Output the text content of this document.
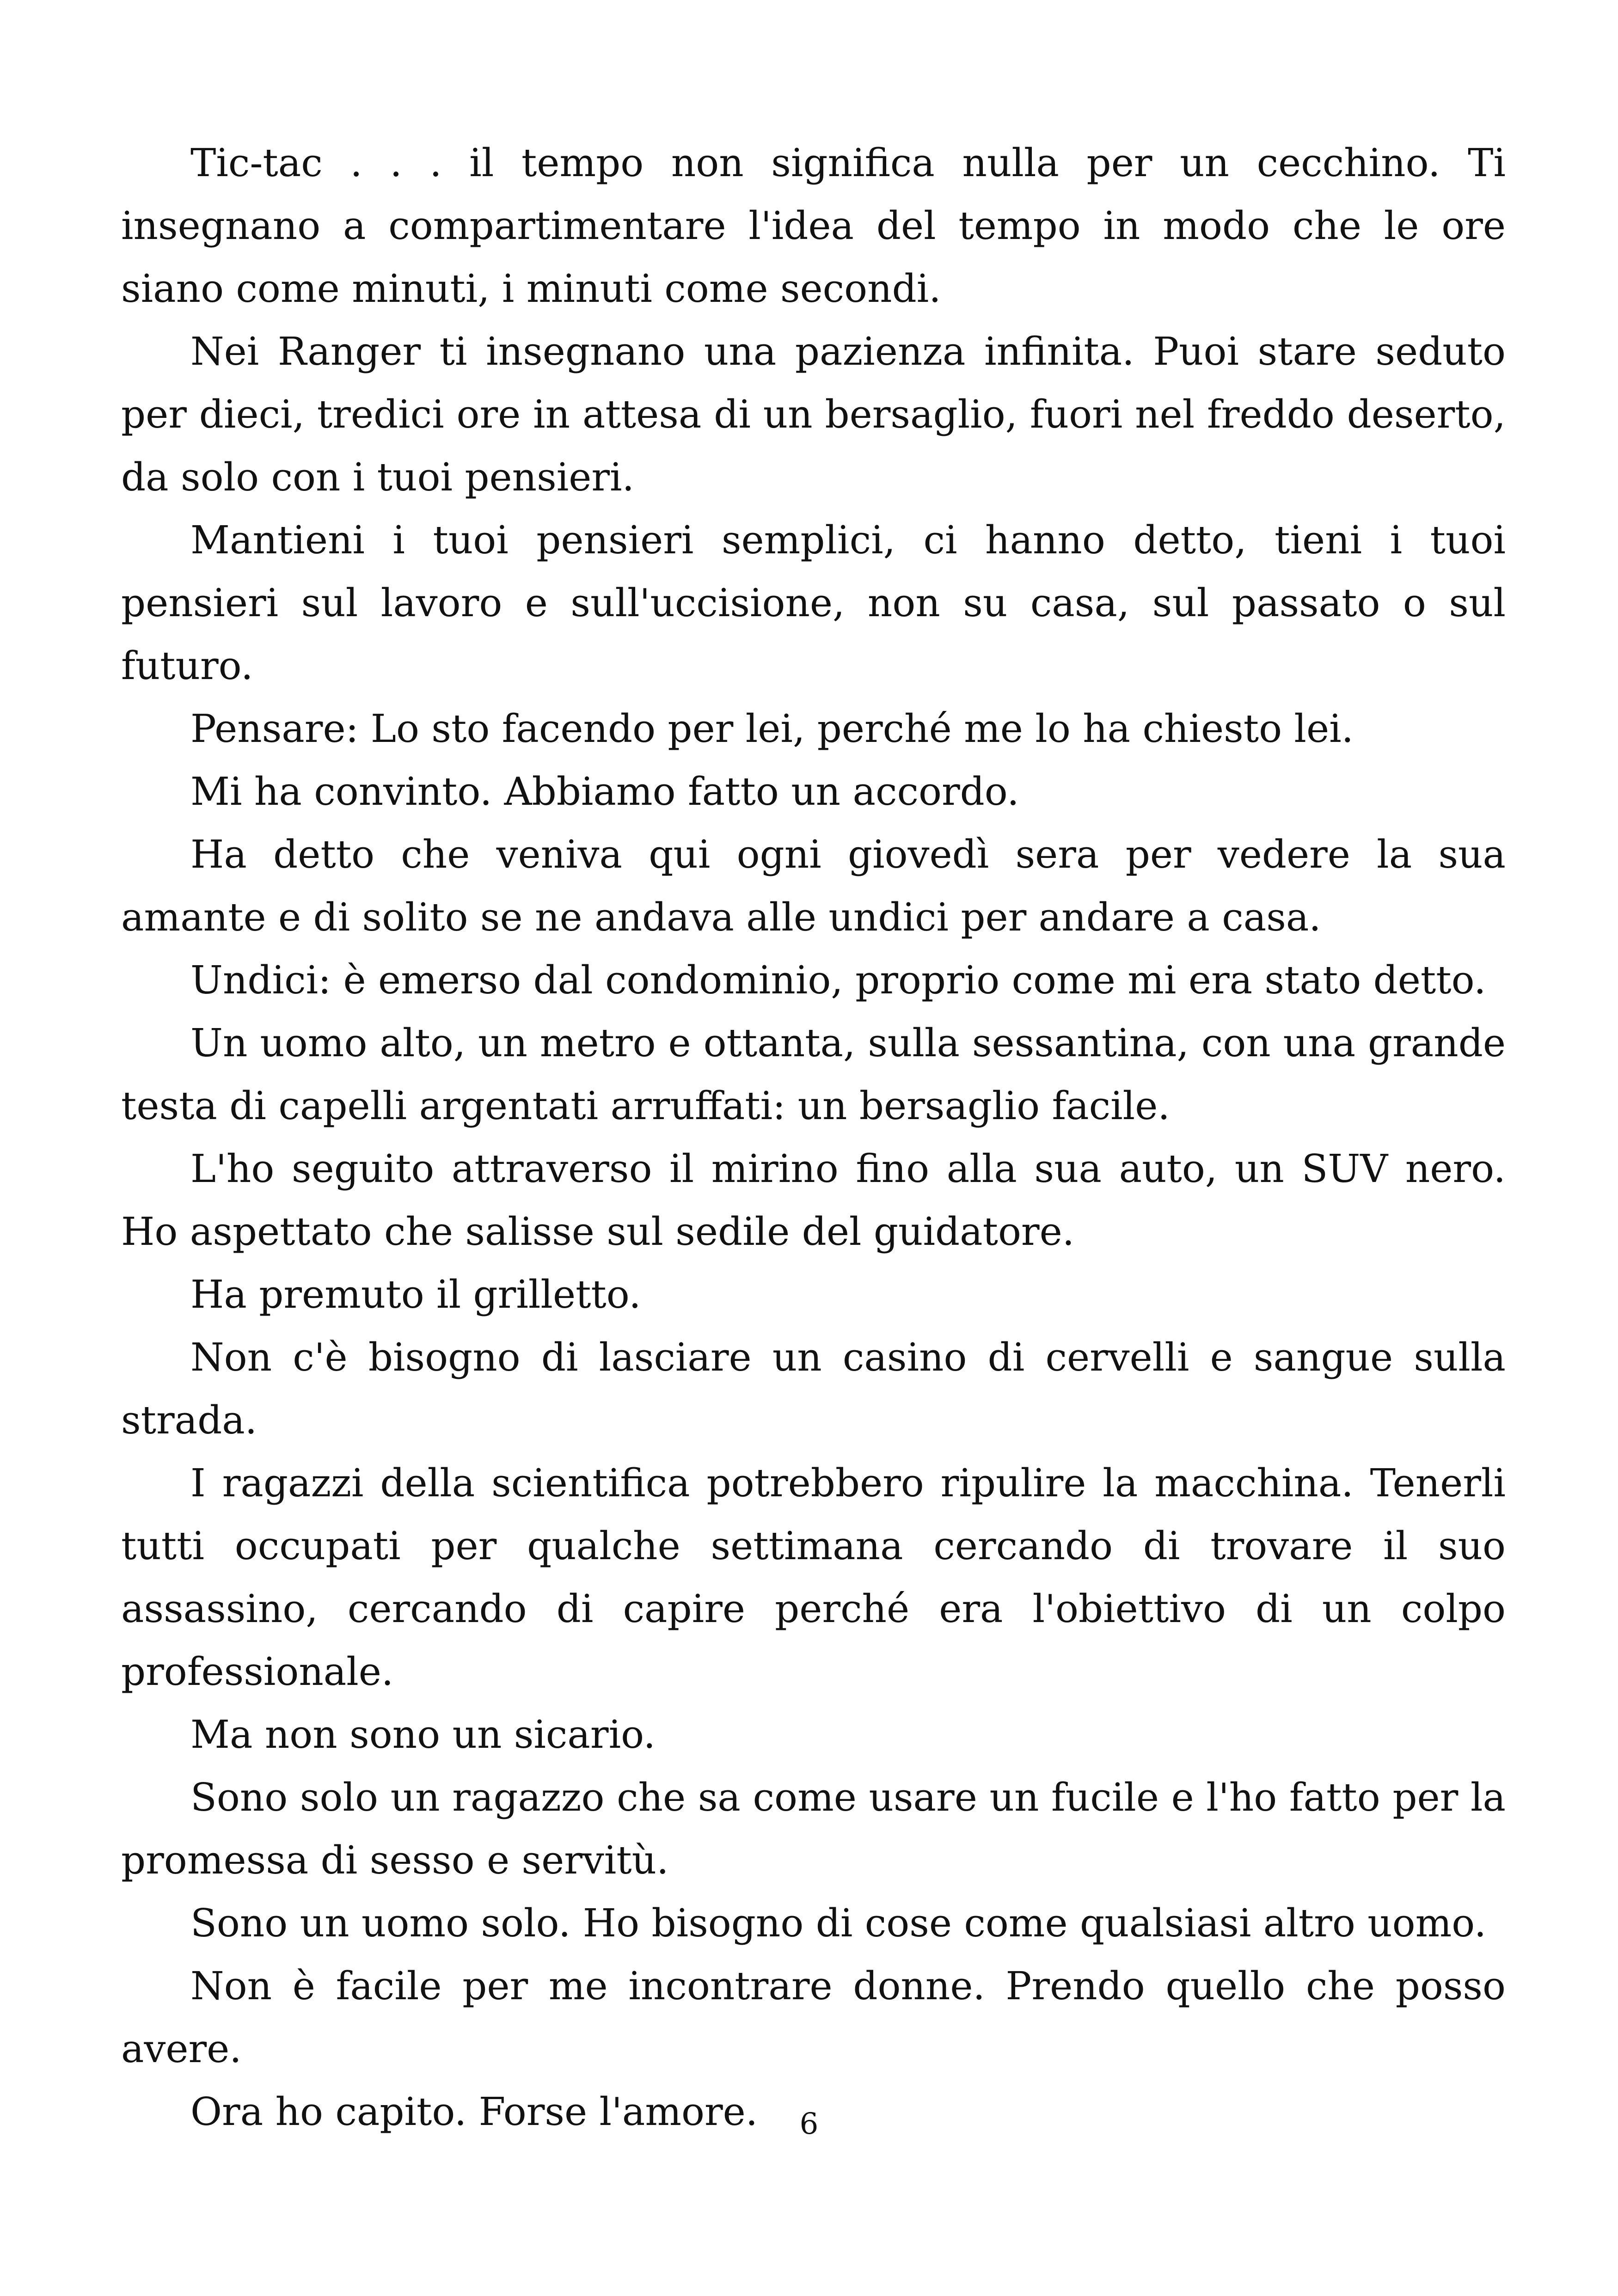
Tic-tac . . . il tempo non significa nulla per un cecchino. Ti insegnano a compartimentare l'idea del tempo in modo che le ore siano come minuti, i minuti come secondi.

Nei Ranger ti insegnano una pazienza infinita. Puoi stare seduto per dieci, tredici ore in attesa di un bersaglio, fuori nel freddo deserto, da solo con i tuoi pensieri.

Mantieni i tuoi pensieri semplici, ci hanno detto, tieni i tuoi pensieri sul lavoro e sull'uccisione, non su casa, sul passato o sul futuro.

Pensare: Lo sto facendo per lei, perché me lo ha chiesto lei.

Mi ha convinto. Abbiamo fatto un accordo.

Ha detto che veniva qui ogni giovedì sera per vedere la sua amante e di solito se ne andava alle undici per andare a casa.

Undici: è emerso dal condominio, proprio come mi era stato detto.

Un uomo alto, un metro e ottanta, sulla sessantina, con una grande testa di capelli argentati arruffati: un bersaglio facile.

L'ho seguito attraverso il mirino fino alla sua auto, un SUV nero. Ho aspettato che salisse sul sedile del guidatore.

Ha premuto il grilletto.

Non c'è bisogno di lasciare un casino di cervelli e sangue sulla strada.

I ragazzi della scientifica potrebbero ripulire la macchina. Tenerli tutti occupati per qualche settimana cercando di trovare il suo assassino, cercando di capire perché era l'obiettivo di un colpo professionale.

Ma non sono un sicario.

Sono solo un ragazzo che sa come usare un fucile e l'ho fatto per la promessa di sesso e servitù.

Sono un uomo solo. Ho bisogno di cose come qualsiasi altro uomo.

Non è facile per me incontrare donne. Prendo quello che posso avere.

Ora ho capito. Forse l'amore.	6
